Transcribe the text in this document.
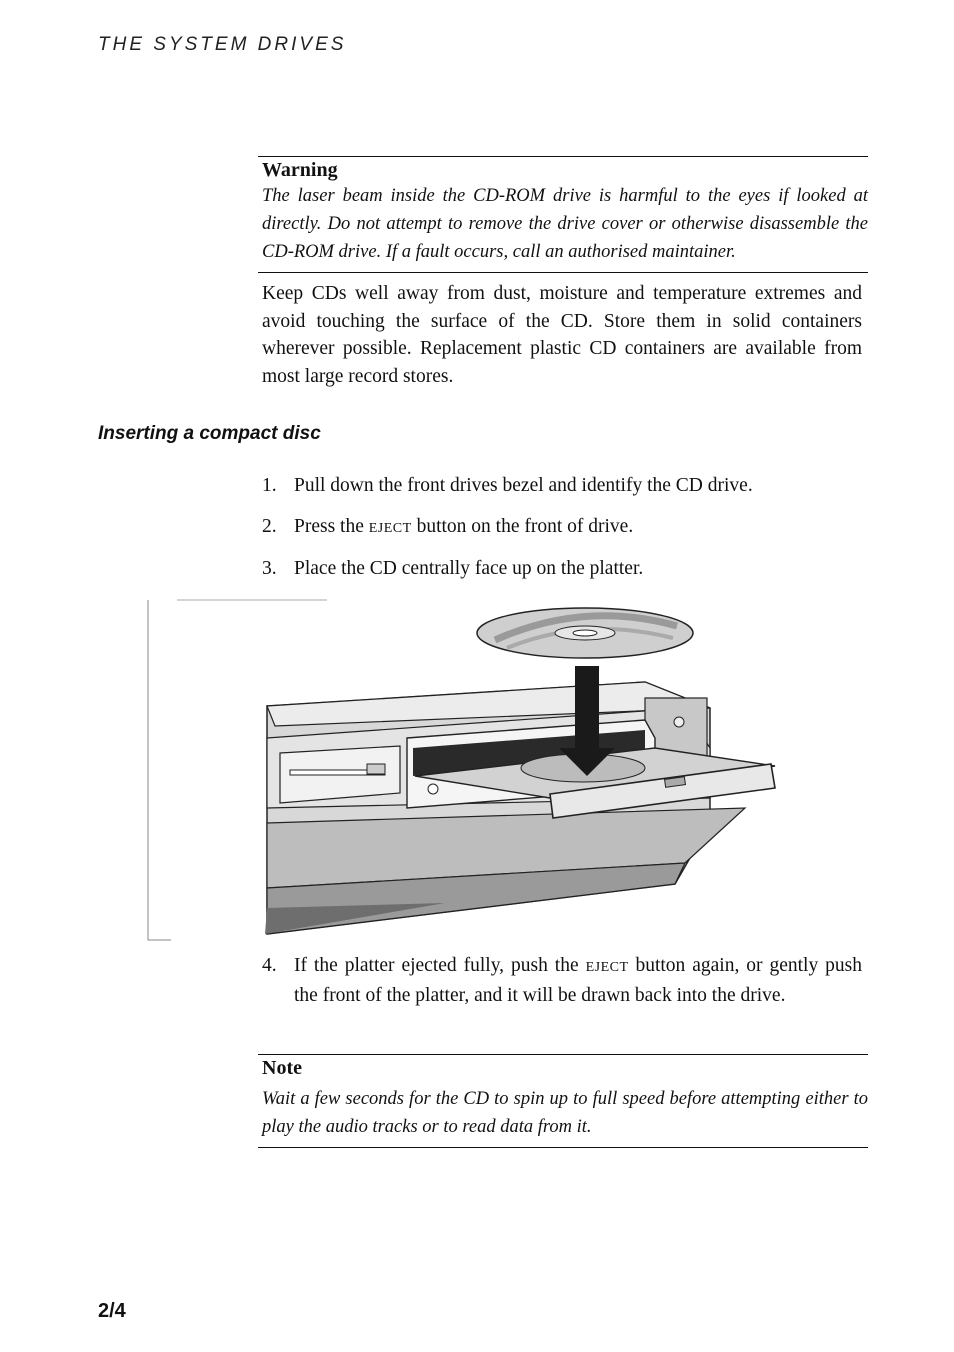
THE SYSTEM DRIVES
Warning
The laser beam inside the CD-ROM drive is harmful to the eyes if looked at directly. Do not attempt to remove the drive cover or otherwise disassemble the CD-ROM drive. If a fault occurs, call an authorised maintainer.

Keep CDs well away from dust, moisture and temperature extremes and avoid touching the surface of the CD. Store them in solid containers wherever possible. Replacement plastic CD containers are available from most large record stores.

Inserting a compact disc
1. Pull down the front drives bezel and identify the CD drive.
2. Press the EJECT button on the front of drive.
3. Place the CD centrally face up on the platter.
4. If the platter ejected fully, push the EJECT button again, or gently push the front of the platter, and it will be drawn back into the drive.
Note
Wait a few seconds for the CD to spin up to full speed before attempting either to play the audio tracks or to read data from it.
2/4
